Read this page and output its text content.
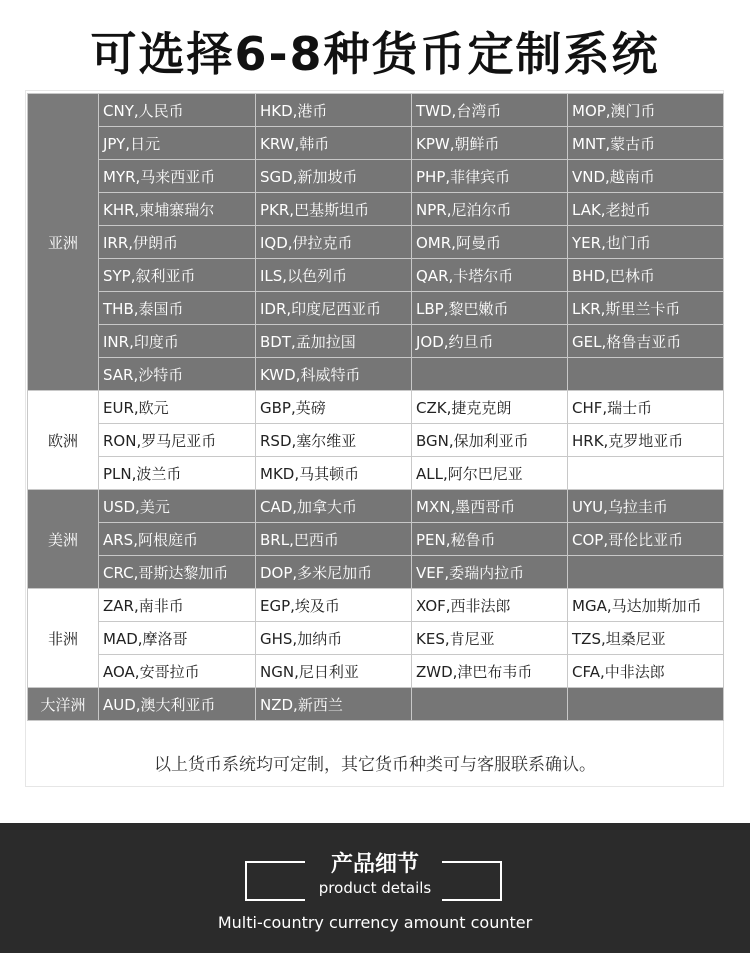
可选择6-8种货币定制系统
亚洲	CNY,人民币	HKD,港币	TWD,台湾币	MOP,澳门币
	JPY,日元	KRW,韩币	KPW,朝鲜币	MNT,蒙古币
	MYR,马来西亚币	SGD,新加坡币	PHP,菲律宾币	VND,越南币
	KHR,柬埔寨瑞尔	PKR,巴基斯坦币	NPR,尼泊尔币	LAK,老挝币
	IRR,伊朗币	IQD,伊拉克币	OMR,阿曼币	YER,也门币
	SYP,叙利亚币	ILS,以色列币	QAR,卡塔尔币	BHD,巴林币
	THB,泰国币	IDR,印度尼西亚币	LBP,黎巴嫩币	LKR,斯里兰卡币
	INR,印度币	BDT,孟加拉国	JOD,约旦币	GEL,格鲁吉亚币
	SAR,沙特币	KWD,科威特币		
欧洲	EUR,欧元	GBP,英磅	CZK,捷克克朗	CHF,瑞士币
	RON,罗马尼亚币	RSD,塞尔维亚	BGN,保加利亚币	HRK,克罗地亚币
	PLN,波兰币	MKD,马其顿币	ALL,阿尔巴尼亚	
美洲	USD,美元	CAD,加拿大币	MXN,墨西哥币	UYU,乌拉圭币
	ARS,阿根庭币	BRL,巴西币	PEN,秘鲁币	COP,哥伦比亚币
	CRC,哥斯达黎加币	DOP,多米尼加币	VEF,委瑞内拉币	
非洲	ZAR,南非币	EGP,埃及币	XOF,西非法郎	MGA,马达加斯加币
	MAD,摩洛哥	GHS,加纳币	KES,肯尼亚	TZS,坦桑尼亚
	AOA,安哥拉币	NGN,尼日利亚	ZWD,津巴布韦币	CFA,中非法郎
大洋洲	AUD,澳大利亚币	NZD,新西兰		
以上货币系统均可定制，其它货币种类可与客服联系确认。
产品细节
product details
Multi-country currency amount counter
